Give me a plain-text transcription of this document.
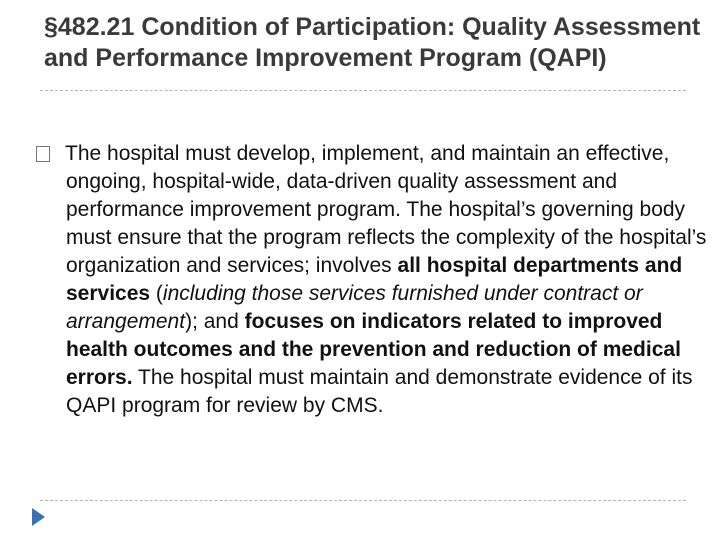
§482.21 Condition of Participation: Quality Assessment and Performance Improvement Program (QAPI)

The hospital must develop, implement, and maintain an effective, ongoing, hospital-wide, data-driven quality assessment and performance improvement program. The hospital’s governing body must ensure that the program reflects the complexity of the hospital’s organization and services; involves all hospital departments and services (including those services furnished under contract or arrangement); and focuses on indicators related to improved health outcomes and the prevention and reduction of medical errors. The hospital must maintain and demonstrate evidence of its QAPI program for review by CMS.
